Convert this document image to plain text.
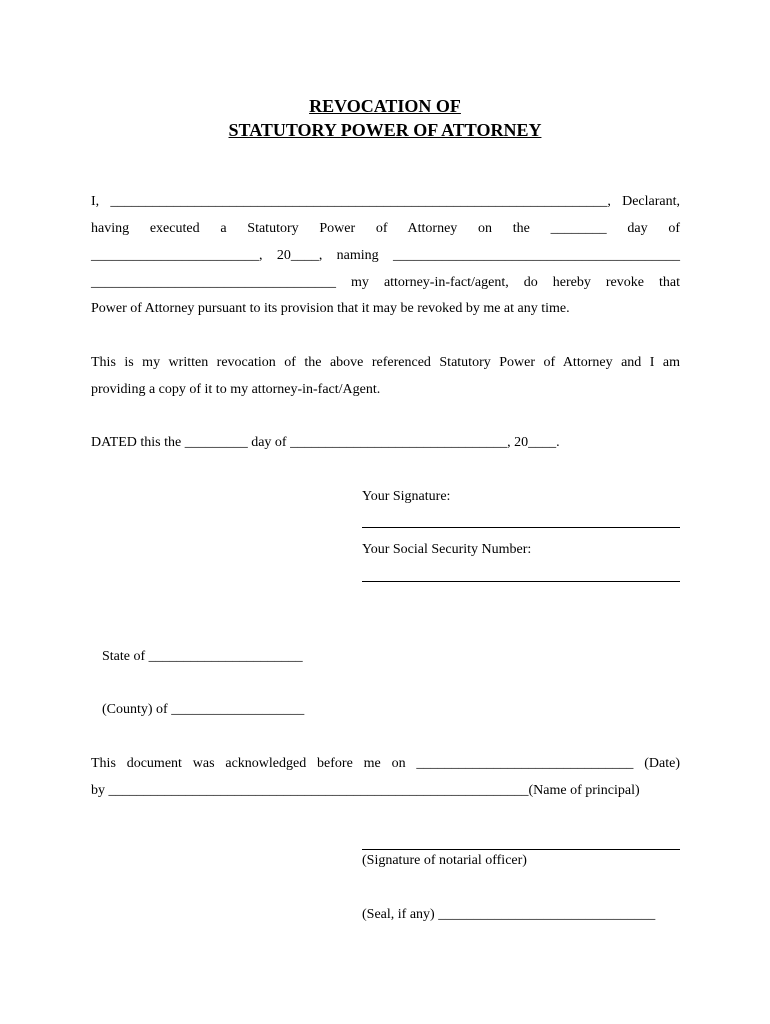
REVOCATION OF
STATUTORY POWER OF ATTORNEY
I, _______________________________________________________________________, Declarant,
having executed a Statutory Power of Attorney on the ________ day of
________________________, 20____, naming _________________________________________
___________________________________ my attorney-in-fact/agent, do hereby revoke that
Power of Attorney pursuant to its provision that it may be revoked by me at any time.
This is my written revocation of the above referenced Statutory Power of Attorney and I am
providing a copy of it to my attorney-in-fact/Agent.
DATED this the _________ day of _______________________________, 20____.
Your Signature:
Your Social Security Number:
State of ______________________
(County) of ___________________
This document was acknowledged before me on _______________________________ (Date)
by ____________________________________________________________(Name of principal)
(Signature of notarial officer)
(Seal, if any) _______________________________
